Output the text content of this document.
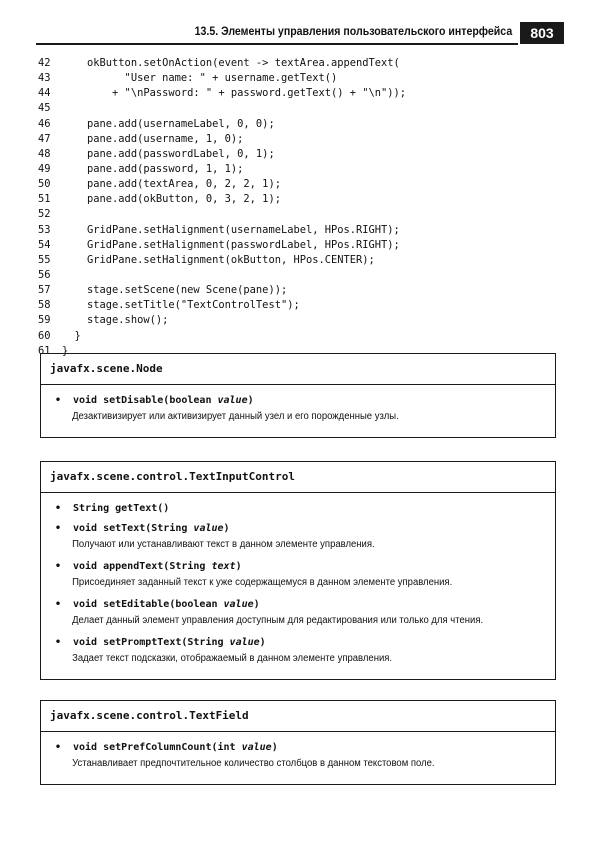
13.5. Элементы управления пользовательского интерфейса	803
42    okButton.setOnAction(event -> textArea.appendText(
43          "User name: " + username.getText()
44        + "\nPassword: " + password.getText() + "\n"));
45
46    pane.add(usernameLabel, 0, 0);
47    pane.add(username, 1, 0);
48    pane.add(passwordLabel, 0, 1);
49    pane.add(password, 1, 1);
50    pane.add(textArea, 0, 2, 2, 1);
51    pane.add(okButton, 0, 3, 2, 1);
52
53    GridPane.setHalignment(usernameLabel, HPos.RIGHT);
54    GridPane.setHalignment(passwordLabel, HPos.RIGHT);
55    GridPane.setHalignment(okButton, HPos.CENTER);
56
57    stage.setScene(new Scene(pane));
58    stage.setTitle("TextControlTest");
59    stage.show();
60  }
61 }
javafx.scene.Node
• void setDisable(boolean value)
Дезактивизирует или активизирует данный узел и его порожденные узлы.
javafx.scene.control.TextInputControl
• String getText()
• void setText(String value)
Получают или устанавливают текст в данном элементе управления.
• void appendText(String text)
Присоединяет заданный текст к уже содержащемуся в данном элементе управления.
• void setEditable(boolean value)
Делает данный элемент управления доступным для редактирования или только для чтения.
• void setPromptText(String value)
Задает текст подсказки, отображаемый в данном элементе управления.
javafx.scene.control.TextField
• void setPrefColumnCount(int value)
Устанавливает предпочтительное количество столбцов в данном текстовом поле.
